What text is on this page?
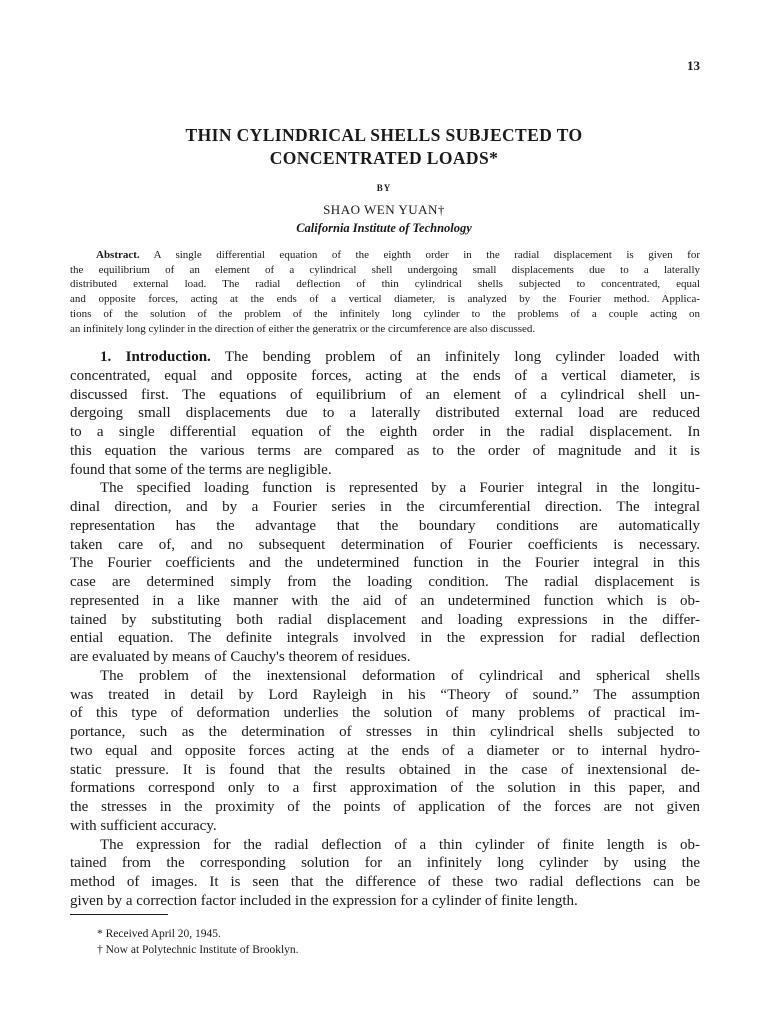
13
THIN CYLINDRICAL SHELLS SUBJECTED TO
CONCENTRATED LOADS*
BY
SHAO WEN YUAN†
California Institute of Technology
Abstract. A single differential equation of the eighth order in the radial displacement is given for
the equilibrium of an element of a cylindrical shell undergoing small displacements due to a laterally
distributed external load. The radial deflection of thin cylindrical shells subjected to concentrated, equal
and opposite forces, acting at the ends of a vertical diameter, is analyzed by the Fourier method. Applica-
tions of the solution of the problem of the infinitely long cylinder to the problems of a couple acting on
an infinitely long cylinder in the direction of either the generatrix or the circumference are also discussed.
1. Introduction. The bending problem of an infinitely long cylinder loaded with
concentrated, equal and opposite forces, acting at the ends of a vertical diameter, is
discussed first. The equations of equilibrium of an element of a cylindrical shell un-
dergoing small displacements due to a laterally distributed external load are reduced
to a single differential equation of the eighth order in the radial displacement. In
this equation the various terms are compared as to the order of magnitude and it is
found that some of the terms are negligible.
The specified loading function is represented by a Fourier integral in the longitu-
dinal direction, and by a Fourier series in the circumferential direction. The integral
representation has the advantage that the boundary conditions are automatically
taken care of, and no subsequent determination of Fourier coefficients is necessary.
The Fourier coefficients and the undetermined function in the Fourier integral in this
case are determined simply from the loading condition. The radial displacement is
represented in a like manner with the aid of an undetermined function which is ob-
tained by substituting both radial displacement and loading expressions in the differ-
ential equation. The definite integrals involved in the expression for radial deflection
are evaluated by means of Cauchy's theorem of residues.
The problem of the inextensional deformation of cylindrical and spherical shells
was treated in detail by Lord Rayleigh in his “Theory of sound.” The assumption
of this type of deformation underlies the solution of many problems of practical im-
portance, such as the determination of stresses in thin cylindrical shells subjected to
two equal and opposite forces acting at the ends of a diameter or to internal hydro-
static pressure. It is found that the results obtained in the case of inextensional de-
formations correspond only to a first approximation of the solution in this paper, and
the stresses in the proximity of the points of application of the forces are not given
with sufficient accuracy.
The expression for the radial deflection of a thin cylinder of finite length is ob-
tained from the corresponding solution for an infinitely long cylinder by using the
method of images. It is seen that the difference of these two radial deflections can be
given by a correction factor included in the expression for a cylinder of finite length.
* Received April 20, 1945.
† Now at Polytechnic Institute of Brooklyn.
